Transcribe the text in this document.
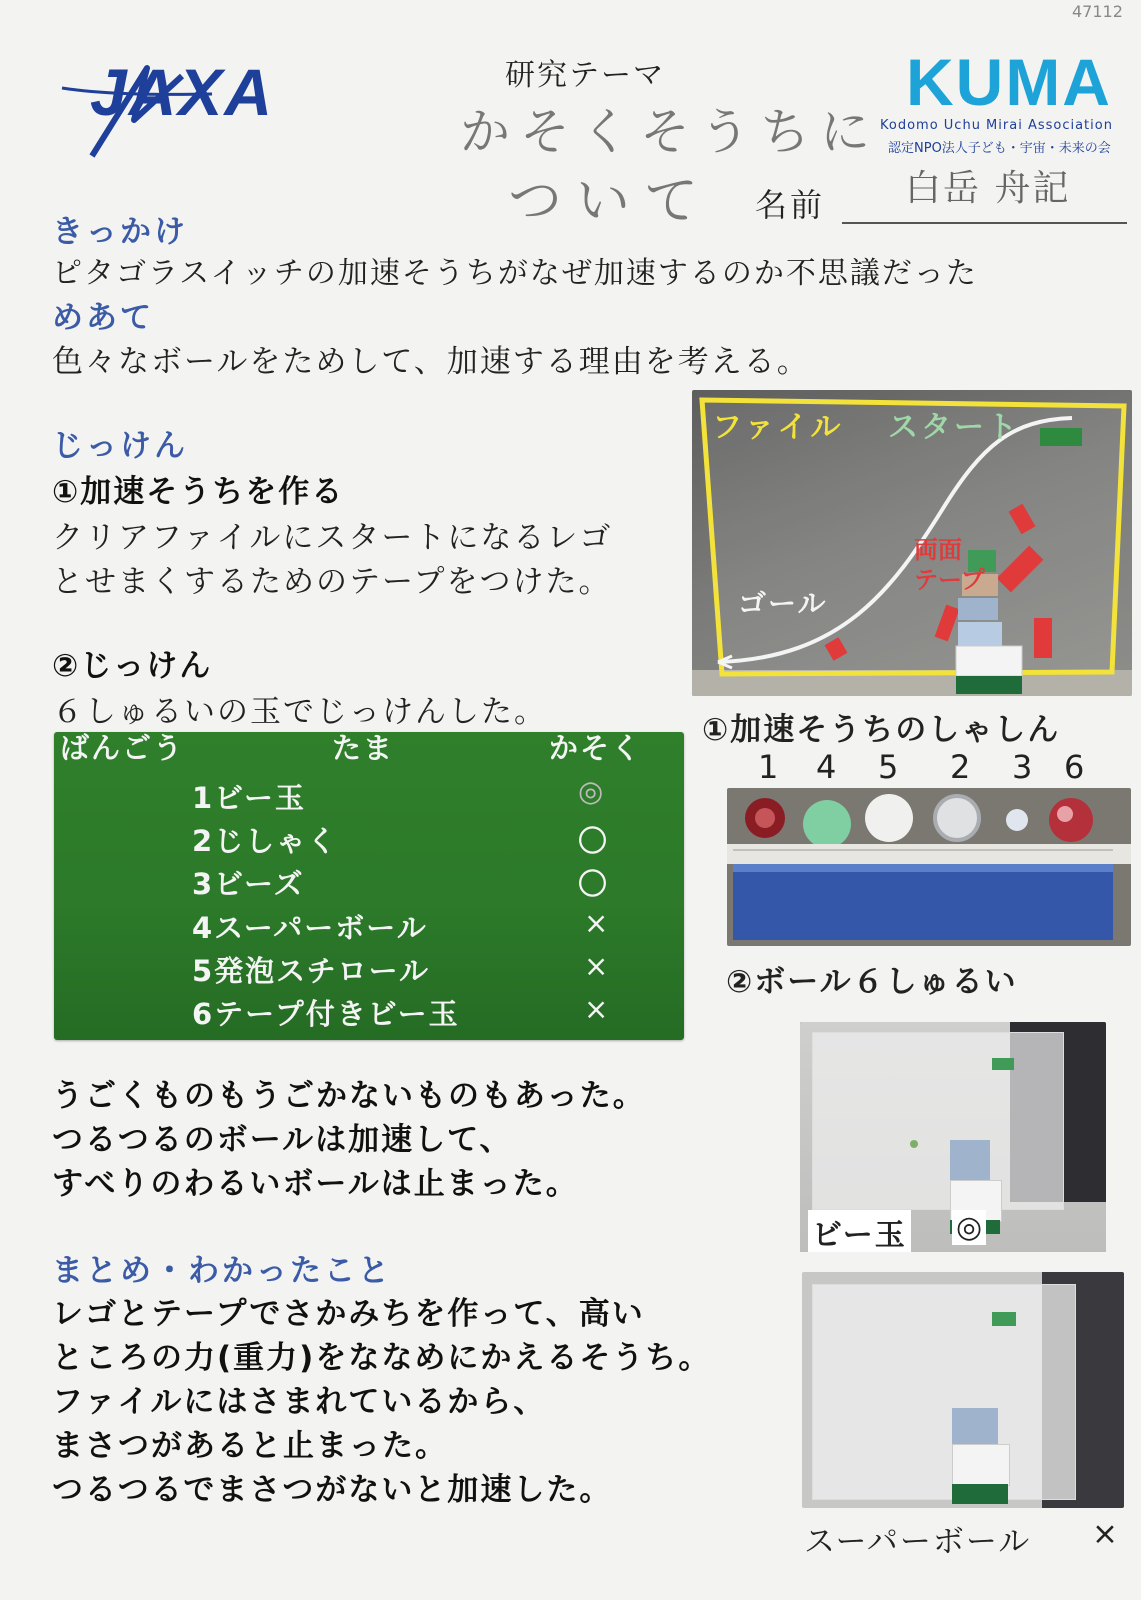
JAXA	研究テーマ
かそくそうちに
ついて 名前 白岳 舟記
47112
KUMA
Kodomo Uchu Mirai Association
認定NPO法人子ども・宇宙・未来の会
きっかけ
ピタゴラスイッチの加速そうちがなぜ加速するのか不思議だった
めあて
色々なボールをためして、加速する理由を考える。
じっけん
①加速そうちを作る
クリアファイルにスタートになるレゴ
とせまくするためのテープをつけた。
②じっけん
６しゅるいの玉でじっけんした。
ばんごう	たま	かそく
1ビー玉	◎
2じしゃく	〇
3ビーズ	〇
4スーパーボール	×
5発泡スチロール	×
6テープ付きビー玉	×
うごくものもうごかないものもあった。
つるつるのボールは加速して、
すべりのわるいボールは止まった。
まとめ・わかったこと
レゴとテープでさかみちを作って、高い
ところの力(重力)をななめにかえるそうち。
ファイルにはさまれているから、
まさつがあると止まった。
つるつるでまさつがないと加速した。
ファイル スタート
両面
テープ
ゴール
①加速そうちのしゃしん
1 4 5 2 3 6
②ボール６しゅるい
ビー玉 ◎
スーパーボール ×
